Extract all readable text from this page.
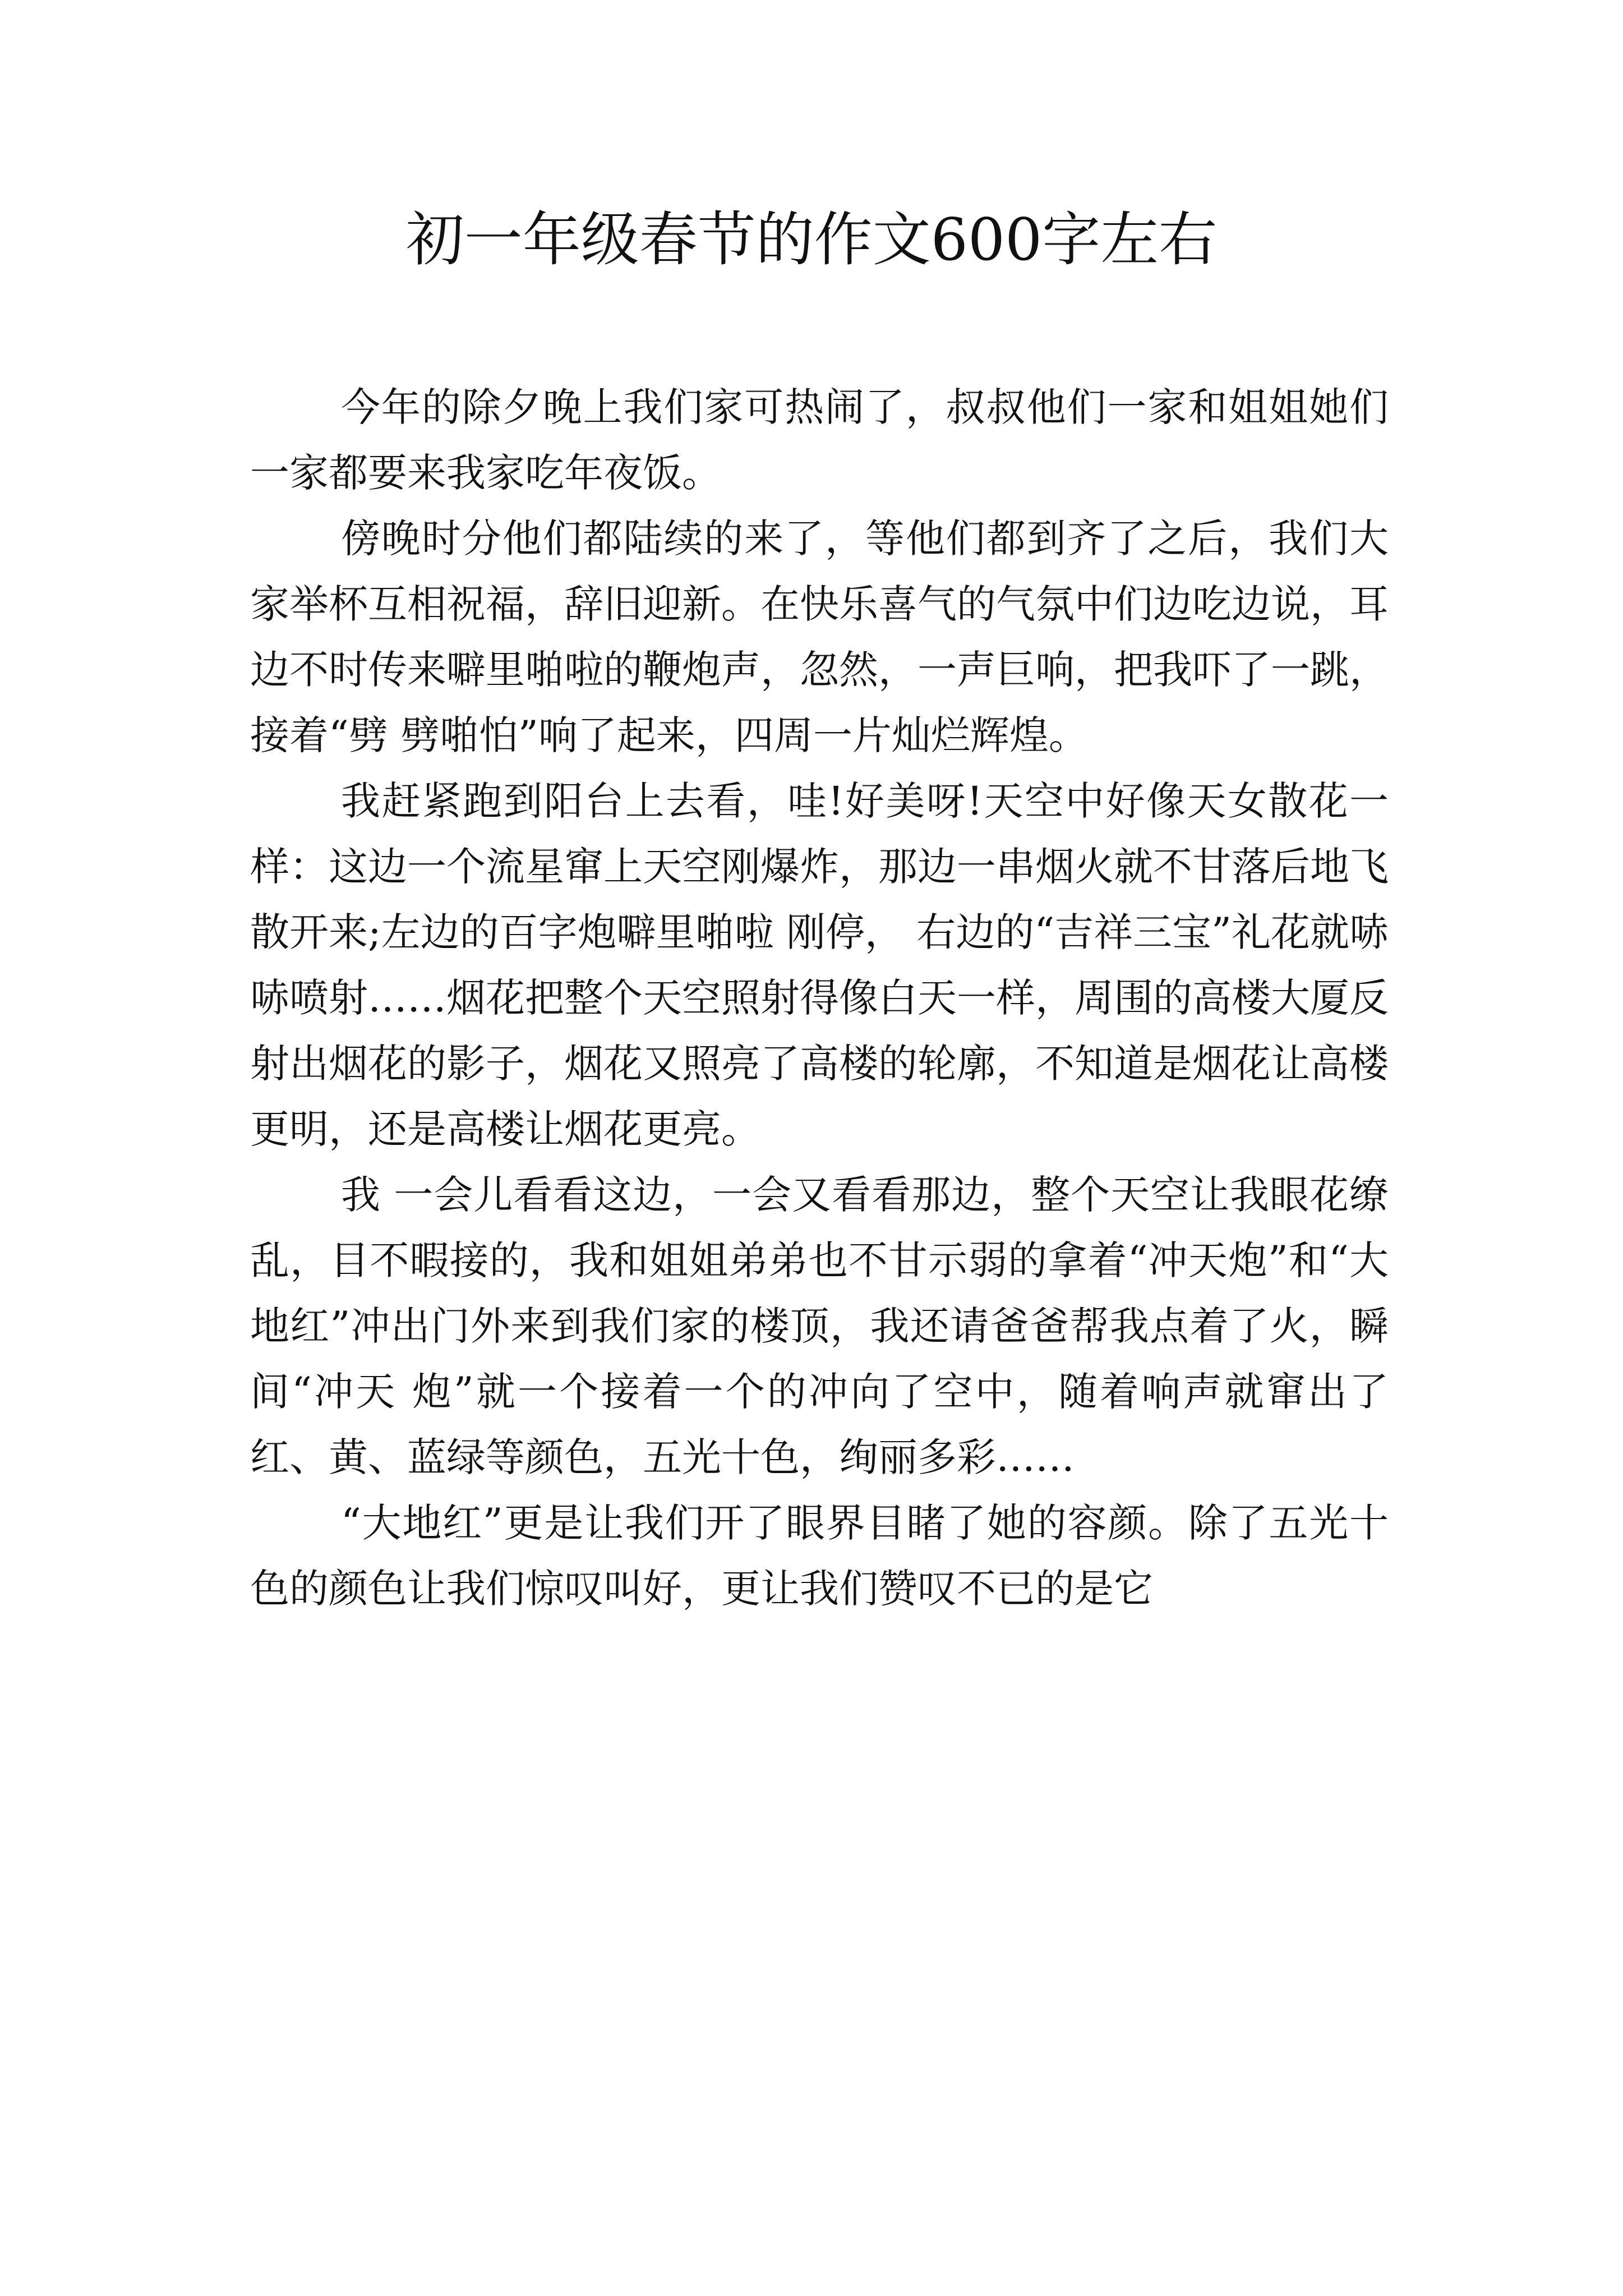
初一年级春节的作文600字左右

今年的除夕晚上我们家可热闹了，叔叔他们一家和姐姐她们一家都要来我家吃年夜饭。

傍晚时分他们都陆续的来了，等他们都到齐了之后，我们大家举杯互相祝福，辞旧迎新。在快乐喜气的气氛中们边吃边说，耳边不时传来噼里啪啦的鞭炮声，忽然，一声巨响，把我吓了一跳，接着“劈 劈啪怕”响了起来，四周一片灿烂辉煌。

我赶紧跑到阳台上去看，哇!好美呀!天空中好像天女散花一样：这边一个流星窜上天空刚爆炸，那边一串烟火就不甘落后地飞散开来;左边的百字炮噼里啪啦 刚停， 右边的“吉祥三宝”礼花就哧哧喷射……烟花把整个天空照射得像白天一样，周围的高楼大厦反射出烟花的影子，烟花又照亮了高楼的轮廓，不知道是烟花让高楼更明，还是高楼让烟花更亮。

我 一会儿看看这边，一会又看看那边，整个天空让我眼花缭乱，目不暇接的，我和姐姐弟弟也不甘示弱的拿着“冲天炮”和“大地红”冲出门外来到我们家的楼顶，我还请爸爸帮我点着了火，瞬间“冲天 炮”就一个接着一个的冲向了空中，随着响声就窜出了红、黄、蓝绿等颜色，五光十色，绚丽多彩……

“大地红”更是让我们开了眼界目睹了她的容颜。除了五光十色的颜色让我们惊叹叫好，更让我们赞叹不已的是它
